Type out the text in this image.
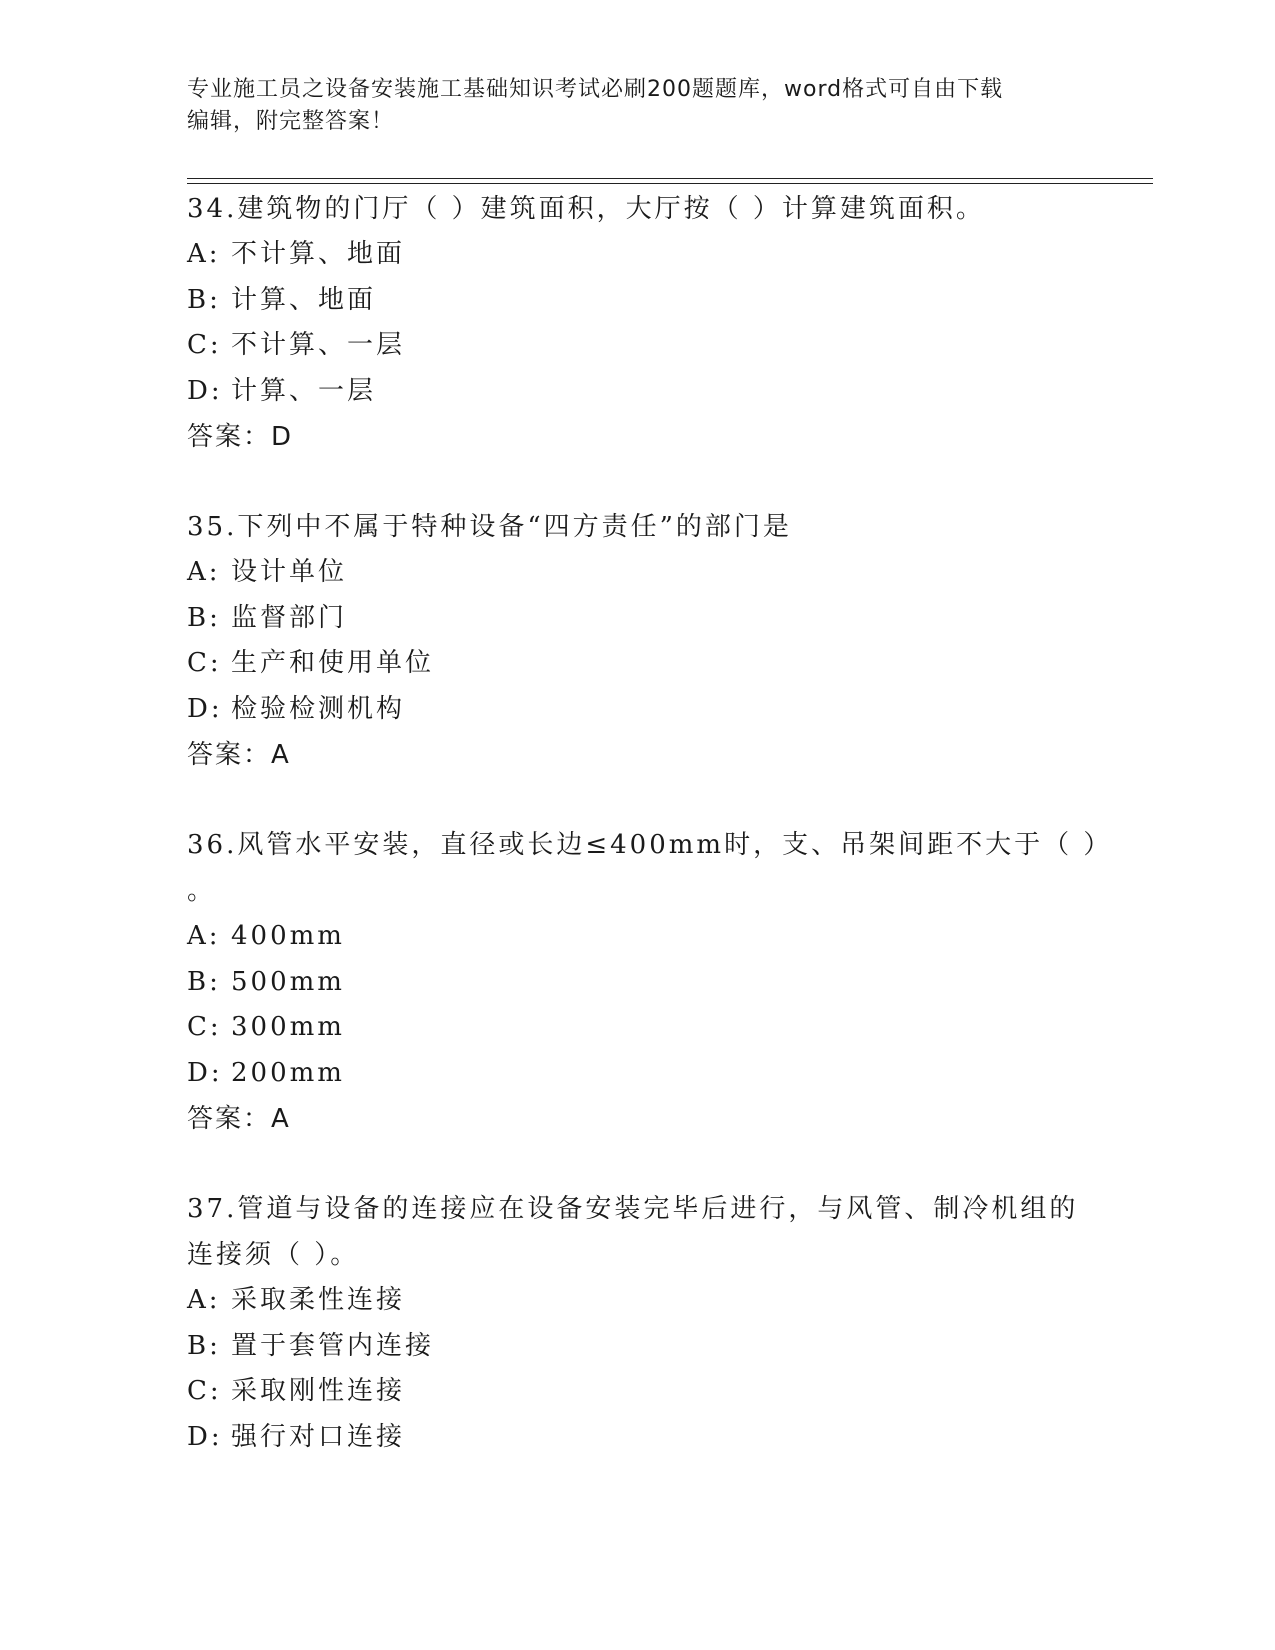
专业施工员之设备安装施工基础知识考试必刷200题题库，word格式可自由下载
编辑，附完整答案！
34.建筑物的门厅（ ）建筑面积，大厅按（ ）计算建筑面积。
A: 不计算、地面
B: 计算、地面
C: 不计算、一层
D: 计算、一层
答案：D
35.下列中不属于特种设备“四方责任”的部门是
A: 设计单位
B: 监督部门
C: 生产和使用单位
D: 检验检测机构
答案：A
36.风管水平安装，直径或长边≤400mm时，支、吊架间距不大于（ ）
。
A: 400mm
B: 500mm
C: 300mm
D: 200mm
答案：A
37.管道与设备的连接应在设备安装完毕后进行，与风管、制冷机组的
连接须（ ）。
A: 采取柔性连接
B: 置于套管内连接
C: 采取刚性连接
D: 强行对口连接
